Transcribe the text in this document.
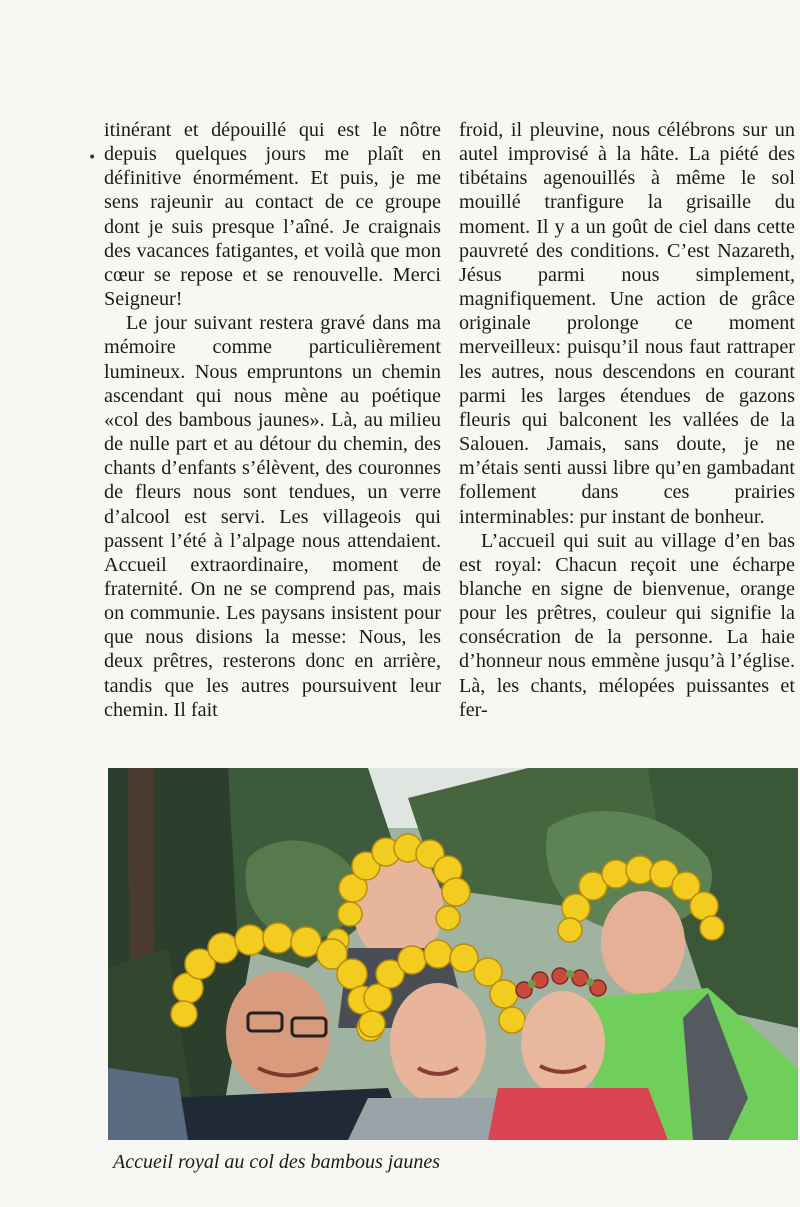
•

itinérant et dépouillé qui est le nôtre depuis quelques jours me plaît en définitive énormément. Et puis, je me sens rajeunir au contact de ce groupe dont je suis presque l’aîné. Je craignais des vacances fatigantes, et voilà que mon cœur se repose et se renouvelle. Merci Seigneur!

Le jour suivant restera gravé dans ma mémoire comme particulièrement lumineux. Nous empruntons un chemin ascendant qui nous mène au poétique «col des bambous jaunes». Là, au milieu de nulle part et au détour du chemin, des chants d’enfants s’élèvent, des couronnes de fleurs nous sont tendues, un verre d’alcool est servi. Les villageois qui passent l’été à l’alpage nous attendaient. Accueil extraordinaire, moment de fraternité. On ne se comprend pas, mais on communie. Les paysans insistent pour que nous disions la messe: Nous, les deux prêtres, resterons donc en arrière, tandis que les autres poursuivent leur chemin. Il fait

froid, il pleuvine, nous célébrons sur un autel improvisé à la hâte. La piété des tibétains agenouillés à même le sol mouillé tranfigure la grisaille du moment. Il y a un goût de ciel dans cette pauvreté des conditions. C’est Nazareth, Jésus parmi nous simplement, magnifiquement. Une action de grâce originale prolonge ce moment merveilleux: puisqu’il nous faut rattraper les autres, nous descendons en courant parmi les larges étendues de gazons fleuris qui balconent les vallées de la Salouen. Jamais, sans doute, je ne m’étais senti aussi libre qu’en gambadant follement dans ces prairies interminables: pur instant de bonheur.

L’accueil qui suit au village d’en bas est royal: Chacun reçoit une écharpe blanche en signe de bienvenue, orange pour les prêtres, couleur qui signifie la consécration de la personne. La haie d’honneur nous emmène jusqu’à l’église. Là, les chants, mélopées puissantes et fer-

Accueil royal au col des bambous jaunes
